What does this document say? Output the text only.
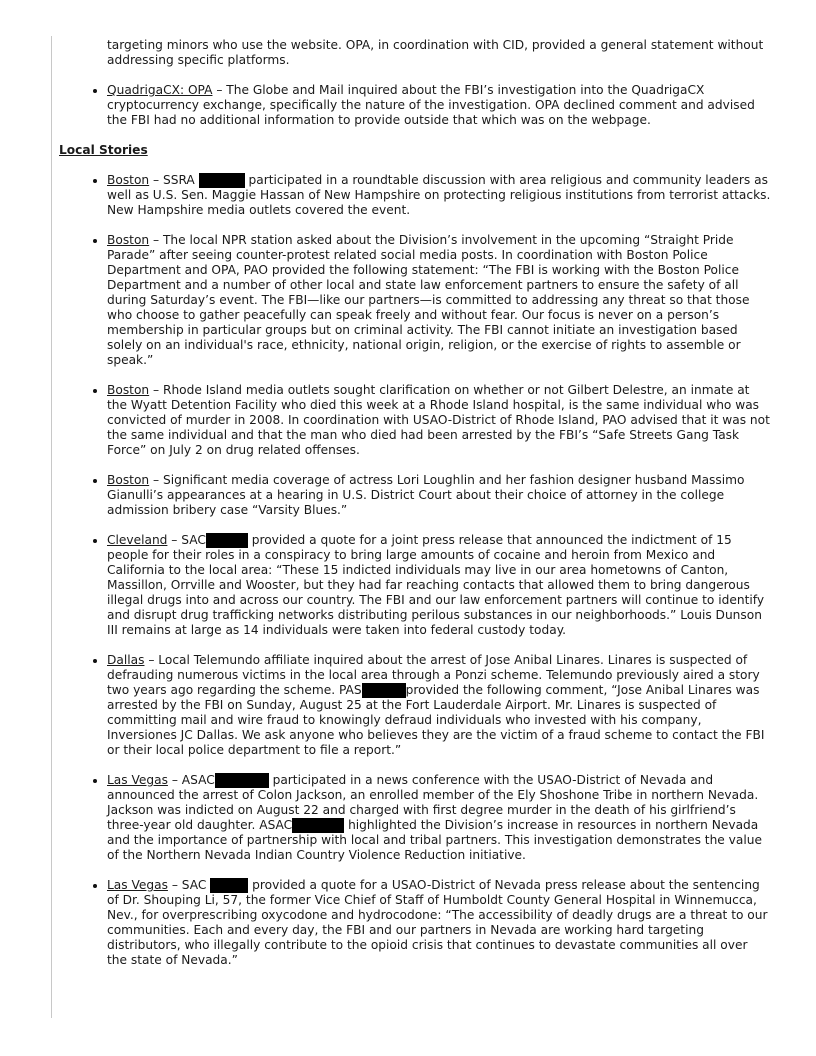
targeting minors who use the website. OPA, in coordination with CID, provided a general statement without addressing specific platforms.

QuadrigaCX: OPA – The Globe and Mail inquired about the FBI’s investigation into the QuadrigaCX cryptocurrency exchange, specifically the nature of the investigation. OPA declined comment and advised the FBI had no additional information to provide outside that which was on the webpage.
Local Stories
Boston – SSRA	participated in a roundtable discussion with area religious and community leaders as well as U.S. Sen. Maggie Hassan of New Hampshire on protecting religious institutions from terrorist attacks. New Hampshire media outlets covered the event.
Boston – The local NPR station asked about the Division’s involvement in the upcoming “Straight Pride Parade” after seeing counter-protest related social media posts. In coordination with Boston Police Department and OPA, PAO provided the following statement: “The FBI is working with the Boston Police Department and a number of other local and state law enforcement partners to ensure the safety of all during Saturday’s event. The FBI—like our partners—is committed to addressing any threat so that those who choose to gather peacefully can speak freely and without fear. Our focus is never on a person’s membership in particular groups but on criminal activity. The FBI cannot initiate an investigation based solely on an individual's race, ethnicity, national origin, religion, or the exercise of rights to assemble or speak.”
Boston – Rhode Island media outlets sought clarification on whether or not Gilbert Delestre, an inmate at the Wyatt Detention Facility who died this week at a Rhode Island hospital, is the same individual who was convicted of murder in 2008. In coordination with USAO-District of Rhode Island, PAO advised that it was not the same individual and that the man who died had been arrested by the FBI’s “Safe Streets Gang Task Force” on July 2 on drug related offenses.
Boston – Significant media coverage of actress Lori Loughlin and her fashion designer husband Massimo Gianulli’s appearances at a hearing in U.S. District Court about their choice of attorney in the college admission bribery case “Varsity Blues.”
Cleveland – SAC	provided a quote for a joint press release that announced the indictment of 15 people for their roles in a conspiracy to bring large amounts of cocaine and heroin from Mexico and California to the local area: “These 15 indicted individuals may live in our area hometowns of Canton, Massillon, Orrville and Wooster, but they had far reaching contacts that allowed them to bring dangerous illegal drugs into and across our country. The FBI and our law enforcement partners will continue to identify and disrupt drug trafficking networks distributing perilous substances in our neighborhoods.” Louis Dunson III remains at large as 14 individuals were taken into federal custody today.
Dallas – Local Telemundo affiliate inquired about the arrest of Jose Anibal Linares. Linares is suspected of defrauding numerous victims in the local area through a Ponzi scheme. Telemundo previously aired a story two years ago regarding the scheme. PAS	provided the following comment, “Jose Anibal Linares was arrested by the FBI on Sunday, August 25 at the Fort Lauderdale Airport. Mr. Linares is suspected of committing mail and wire fraud to knowingly defraud individuals who invested with his company, Inversiones JC Dallas. We ask anyone who believes they are the victim of a fraud scheme to contact the FBI or their local police department to file a report.”
Las Vegas – ASAC	participated in a news conference with the USAO-District of Nevada and announced the arrest of Colon Jackson, an enrolled member of the Ely Shoshone Tribe in northern Nevada. Jackson was indicted on August 22 and charged with first degree murder in the death of his girlfriend’s three-year old daughter. ASAC	highlighted the Division’s increase in resources in northern Nevada and the importance of partnership with local and tribal partners. This investigation demonstrates the value of the Northern Nevada Indian Country Violence Reduction initiative.
Las Vegas – SAC	provided a quote for a USAO-District of Nevada press release about the sentencing of Dr. Shouping Li, 57, the former Vice Chief of Staff of Humboldt County General Hospital in Winnemucca, Nev., for overprescribing oxycodone and hydrocodone: “The accessibility of deadly drugs are a threat to our communities. Each and every day, the FBI and our partners in Nevada are working hard targeting distributors, who illegally contribute to the opioid crisis that continues to devastate communities all over the state of Nevada.”
